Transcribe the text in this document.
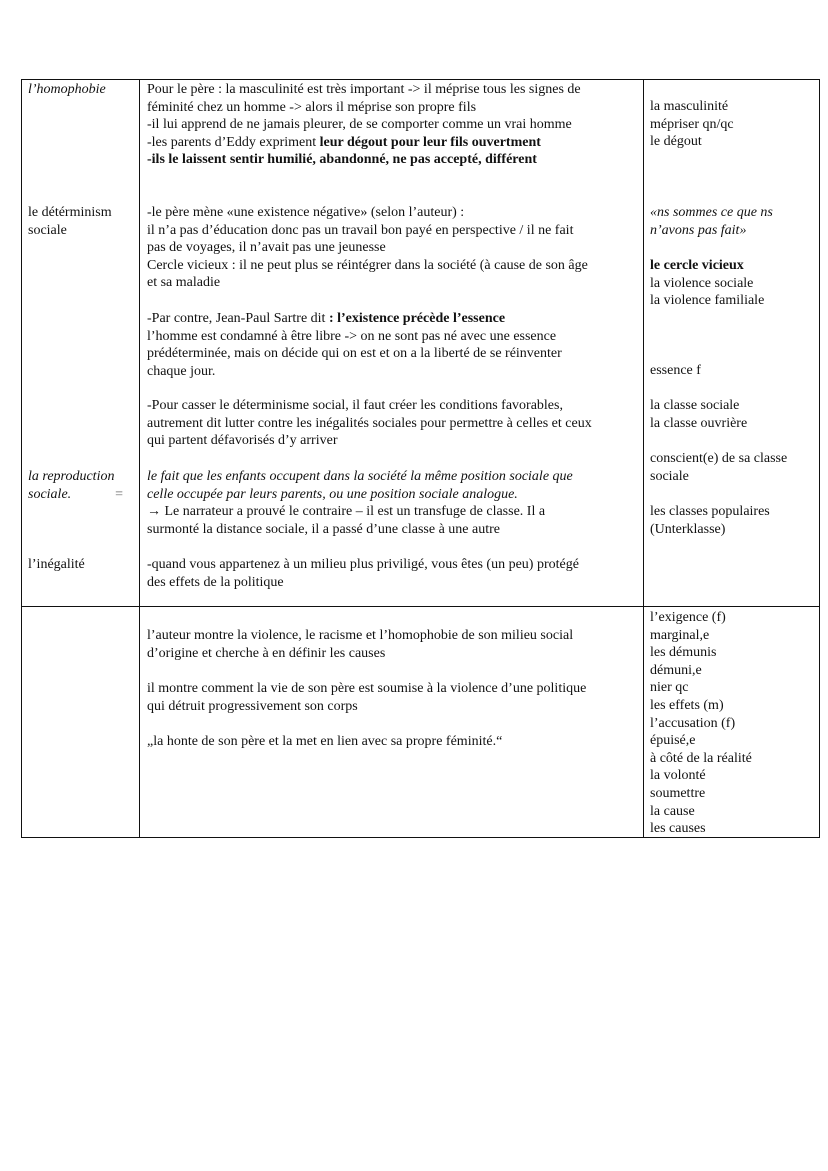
l’homophobie

le détérminism

sociale

la reproduction

sociale.	=

l’inégalité

Pour le père : la masculinité est très important -> il méprise tous les signes de

féminité chez un homme -> alors il méprise son propre fils

-il lui apprend de ne jamais pleurer, de se comporter comme un vrai homme

-les parents d’Eddy expriment leur dégout pour leur fils ouvertment

-ils le laissent sentir humilié, abandonné, ne pas accepté, différent

-le père mène «une existence négative» (selon l’auteur) :

il n’a pas d’éducation donc pas un travail bon payé en perspective / il ne fait

pas de voyages, il n’avait pas une jeunesse

Cercle vicieux : il ne peut plus se réintégrer dans la société (à cause de son âge

et sa maladie

-Par contre, Jean-Paul Sartre dit : l’existence précède l’essence

l’homme est condamné à être libre -> on ne sont pas né avec une essence

prédéterminée, mais on décide qui on est et on a la liberté de se réinventer

chaque jour.

-Pour casser le déterminisme social, il faut créer les conditions favorables,

autrement dit lutter contre les inégalités sociales pour permettre à celles et ceux

qui partent défavorisés d’y arriver

le fait que les enfants occupent dans la société la même position sociale que

celle occupée par leurs parents, ou une position sociale analogue.

→ Le narrateur a prouvé le contraire – il est un transfuge de classe. Il a

surmonté la distance sociale, il a passé d’une classe à une autre

-quand vous appartenez à un milieu plus priviligé, vous êtes (un peu) protégé

des effets de la politique

la masculinité

mépriser qn/qc

le dégout

«ns sommes ce que ns

n’avons pas fait»

le cercle vicieux

la violence sociale

la violence familiale

essence f

la classe sociale

la classe ouvrière

conscient(e) de sa classe

sociale

les classes populaires

(Unterklasse)

l’auteur montre la violence, le racisme et l’homophobie de son milieu social

d’origine et cherche à en définir les causes

il montre comment la vie de son père est soumise à la violence d’une politique

qui détruit progressivement son corps

„la honte de son père et la met en lien avec sa propre féminité.“

l’exigence (f)

marginal,e

les démunis

démuni,e

nier qc

les effets (m)

l’accusation (f)

épuisé,e

à côté de la réalité

la volonté

soumettre

la cause

les causes
